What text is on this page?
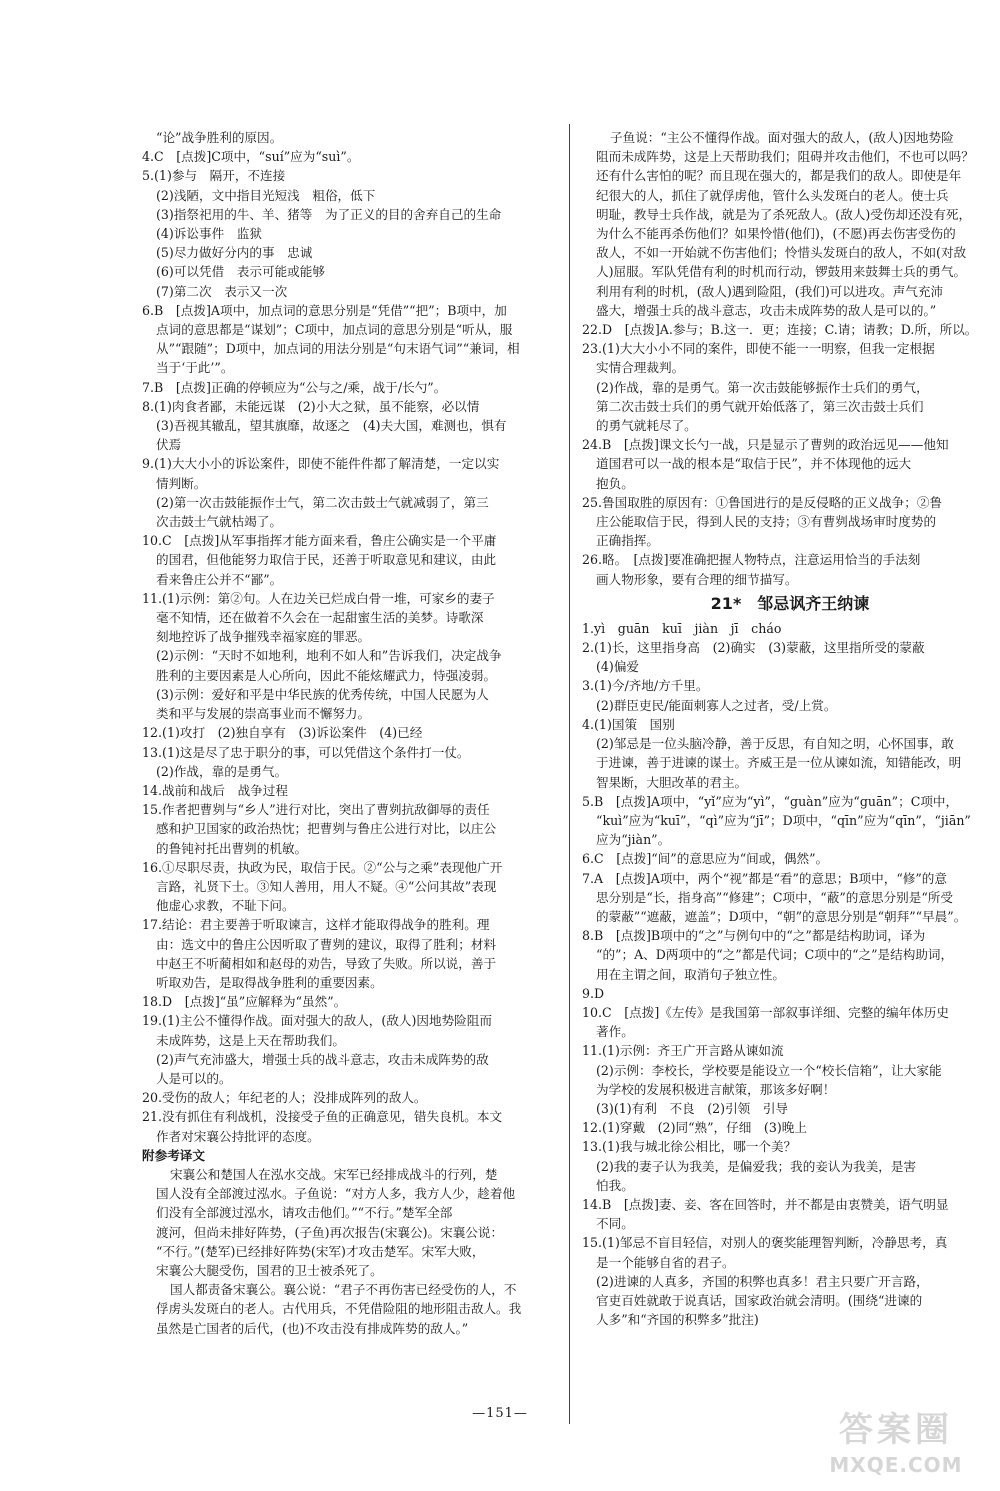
“论”战争胜利的原因。
4.C　[点拨]C项中，“suí”应为“suì”。
5.(1)参与　隔开，不连接
(2)浅陋，文中指目光短浅　粗俗，低下
(3)指祭祀用的牛、羊、猪等　为了正义的目的舍弃自己的生命
(4)诉讼事件　监狱
(5)尽力做好分内的事　忠诚
(6)可以凭借　表示可能或能够
(7)第二次　表示又一次
6.B　[点拨]A项中，加点词的意思分别是“凭借”“把”；B项中，加
点词的意思都是“谋划”；C项中，加点词的意思分别是“听从，服
从”“跟随”；D项中，加点词的用法分别是“句末语气词”“兼词，相
当于‘于此’”。
7.B　[点拨]正确的停顿应为“公与之/乘，战于/长勺”。
8.(1)肉食者鄙，未能远谋　(2)小大之狱，虽不能察，必以情
(3)吾视其辙乱，望其旗靡，故逐之　(4)夫大国，难测也，惧有
伏焉
9.(1)大大小小的诉讼案件，即使不能件件都了解清楚，一定以实
情判断。
(2)第一次击鼓能振作士气，第二次击鼓士气就减弱了，第三
次击鼓士气就枯竭了。
10.C　[点拨]从军事指挥才能方面来看，鲁庄公确实是一个平庸
的国君，但他能努力取信于民，还善于听取意见和建议，由此
看来鲁庄公并不“鄙”。
11.(1)示例：第②句。人在边关已烂成白骨一堆，可家乡的妻子
毫不知情，还在做着不久会在一起甜蜜生活的美梦。诗歌深
刻地控诉了战争摧残幸福家庭的罪恶。
(2)示例：“天时不如地利，地利不如人和”告诉我们，决定战争
胜利的主要因素是人心所向，因此不能炫耀武力，恃强凌弱。
(3)示例：爱好和平是中华民族的优秀传统，中国人民愿为人
类和平与发展的崇高事业而不懈努力。
12.(1)攻打　(2)独自享有　(3)诉讼案件　(4)已经
13.(1)这是尽了忠于职分的事，可以凭借这个条件打一仗。
(2)作战，靠的是勇气。
14.战前和战后　战争过程
15.作者把曹刿与“乡人”进行对比，突出了曹刿抗敌御辱的责任
感和护卫国家的政治热忱；把曹刿与鲁庄公进行对比，以庄公
的鲁钝衬托出曹刿的机敏。
16.①尽职尽责，执政为民，取信于民。②“公与之乘”表现他广开
言路，礼贤下士。③知人善用，用人不疑。④“公问其故”表现
他虚心求教，不耻下问。
17.结论：君主要善于听取谏言，这样才能取得战争的胜利。理
由：选文中的鲁庄公因听取了曹刿的建议，取得了胜利；材料
中赵王不听蔺相如和赵母的劝告，导致了失败。所以说，善于
听取劝告，是取得战争胜利的重要因素。
18.D　[点拨]“虽”应解释为“虽然”。
19.(1)主公不懂得作战。面对强大的敌人，(敌人)因地势险阻而
未成阵势，这是上天在帮助我们。
(2)声气充沛盛大，增强士兵的战斗意志，攻击未成阵势的敌
人是可以的。
20.受伤的敌人；年纪老的人；没排成阵列的敌人。
21.没有抓住有利战机，没接受子鱼的正确意见，错失良机。本文
作者对宋襄公持批评的态度。
附参考译文
宋襄公和楚国人在泓水交战。宋军已经排成战斗的行列，楚
国人没有全部渡过泓水。子鱼说：“对方人多，我方人少，趁着他
们没有全部渡过泓水，请攻击他们。”“不行。”楚军全部
渡河，但尚未排好阵势，(子鱼)再次报告(宋襄公)。宋襄公说：
“不行。”(楚军)已经排好阵势(宋军)才攻击楚军。宋军大败，
宋襄公大腿受伤，国君的卫士被杀死了。
国人都责备宋襄公。襄公说：“君子不再伤害已经受伤的人，不
俘虏头发斑白的老人。古代用兵，不凭借险阻的地形阻击敌人。我
虽然是亡国者的后代，(也)不攻击没有排成阵势的敌人。”
子鱼说：“主公不懂得作战。面对强大的敌人，(敌人)因地势险
阻而未成阵势，这是上天帮助我们；阻碍并攻击他们，不也可以吗？
还有什么害怕的呢？而且现在强大的，都是我们的敌人。即使是年
纪很大的人，抓住了就俘虏他，管什么头发斑白的老人。使士兵
明耻，教导士兵作战，就是为了杀死敌人。(敌人)受伤却还没有死，
为什么不能再杀伤他们？如果怜惜(他们)，(不愿)再去伤害受伤的
敌人，不如一开始就不伤害他们；怜惜头发斑白的敌人，不如(对敌
人)屈服。军队凭借有利的时机而行动，锣鼓用来鼓舞士兵的勇气。
利用有利的时机，(敌人)遇到险阻，(我们)可以进攻。声气充沛
盛大，增强士兵的战斗意志，攻击未成阵势的敌人是可以的。”
22.D　[点拨]A.参与；B.这一．更；连接；C.请；请教；D.所，所以。
23.(1)大大小小不同的案件，即使不能一一明察，但我一定根据
实情合理裁判。
(2)作战，靠的是勇气。第一次击鼓能够振作士兵们的勇气，
第二次击鼓士兵们的勇气就开始低落了，第三次击鼓士兵们
的勇气就耗尽了。
24.B　[点拨]课文长勺一战，只是显示了曹刿的政治远见——他知
道国君可以一战的根本是“取信于民”，并不体现他的远大
抱负。
25.鲁国取胜的原因有：①鲁国进行的是反侵略的正义战争；②鲁
庄公能取信于民，得到人民的支持；③有曹刿战场审时度势的
正确指挥。
26.略。　[点拨]要准确把握人物特点，注意运用恰当的手法刻
画人物形象，要有合理的细节描写。
21*　邹忌讽齐王纳谏
1.yì　guān　kuī　jiàn　jī　cháo
2.(1)长，这里指身高　(2)确实　(3)蒙蔽，这里指所受的蒙蔽
(4)偏爱
3.(1)今/齐地/方千里。
(2)群臣吏民/能面刺寡人之过者，受/上赏。
4.(1)国策　国别
(2)邹忌是一位头脑冷静，善于反思，有自知之明，心怀国事，敢
于进谏，善于进谏的谋士。齐威王是一位从谏如流，知错能改，明
智果断，大胆改革的君主。
5.B　[点拨]A项中，“yǐ”应为“yì”，“guàn”应为“guān”；C项中，
“kuì”应为“kuī”，“qì”应为“jī”；D项中，“qīn”应为“qīn”，“jiān”
应为“jiàn”。
6.C　[点拨]“间”的意思应为“间或，偶然”。
7.A　[点拨]A项中，两个“视”都是“看”的意思；B项中，“修”的意
思分别是“长，指身高”“修建”；C项中，“蔽”的意思分别是“所受
的蒙蔽”“遮蔽，遮盖”；D项中，“朝”的意思分别是“朝拜”“早晨”。
8.B　[点拨]B项中的“之”与例句中的“之”都是结构助词，译为
“的”；A、D两项中的“之”都是代词；C项中的“之”是结构助词，
用在主谓之间，取消句子独立性。
9.D
10.C　[点拨]《左传》是我国第一部叙事详细、完整的编年体历史
著作。
11.(1)示例：齐王广开言路从谏如流
(2)示例：李校长，学校要是能设立一个“校长信箱”，让大家能
为学校的发展积极进言献策，那该多好啊！
(3)(1)有利　不良　(2)引领　引导
12.(1)穿戴　(2)同“熟”，仔细　(3)晚上
13.(1)我与城北徐公相比，哪一个美？
(2)我的妻子认为我美，是偏爱我；我的妾认为我美，是害
怕我。
14.B　[点拨]妻、妾、客在回答时，并不都是由衷赞美，语气明显
不同。
15.(1)邹忌不盲目轻信，对别人的褒奖能理智判断，冷静思考，真
是一个能够自省的君子。
(2)进谏的人真多，齐国的积弊也真多！君主只要广开言路，
官吏百姓就敢于说真话，国家政治就会清明。(围绕“进谏的
人多”和“齐国的积弊多”批注)
—151—	答案圈
MXQE.COM
